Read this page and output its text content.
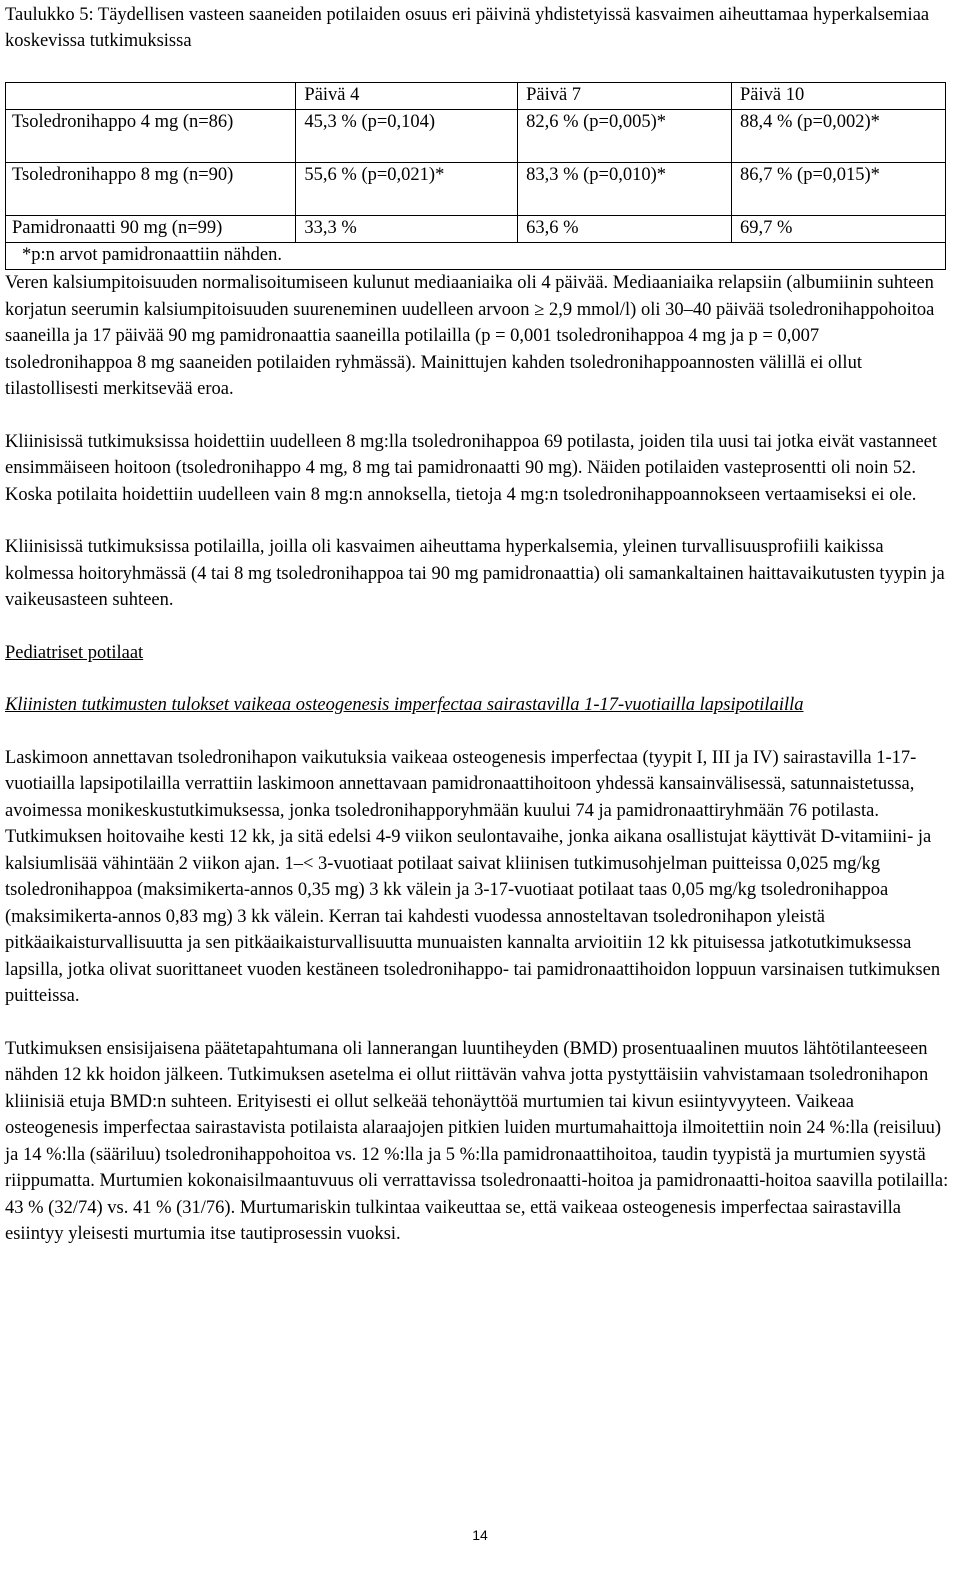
Taulukko 5: Täydellisen vasteen saaneiden potilaiden osuus eri päivinä yhdistetyissä kasvaimen aiheuttamaa hyperkalsemiaa koskevissa tutkimuksissa

	Päivä 4	Päivä 7	Päivä 10
Tsoledronihappo 4 mg (n=86)	45,3 % (p=0,104)	82,6 % (p=0,005)*	88,4 % (p=0,002)*
Tsoledronihappo 8 mg (n=90)	55,6 % (p=0,021)*	83,3 % (p=0,010)*	86,7 % (p=0,015)*
Pamidronaatti 90 mg (n=99)	33,3 %	63,6 %	69,7 %
*p:n arvot pamidronaattiin nähden.			

Veren kalsiumpitoisuuden normalisoitumiseen kulunut mediaaniaika oli 4 päivää. Mediaaniaika relapsiin (albumiinin suhteen korjatun seerumin kalsiumpitoisuuden suureneminen uudelleen arvoon ≥ 2,9 mmol/l) oli 30–40 päivää tsoledronihappohoitoa saaneilla ja 17 päivää 90 mg pamidronaattia saaneilla potilailla (p = 0,001 tsoledronihappoa 4 mg ja p = 0,007 tsoledronihappoa 8 mg saaneiden potilaiden ryhmässä). Mainittujen kahden tsoledronihappoannosten välillä ei ollut tilastollisesti merkitsevää eroa.

Kliinisissä tutkimuksissa hoidettiin uudelleen 8 mg:lla tsoledronihappoa 69 potilasta, joiden tila uusi tai jotka eivät vastanneet ensimmäiseen hoitoon (tsoledronihappo 4 mg, 8 mg tai pamidronaatti 90 mg). Näiden potilaiden vasteprosentti oli noin 52. Koska potilaita hoidettiin uudelleen vain 8 mg:n annoksella, tietoja 4 mg:n tsoledronihappoannokseen vertaamiseksi ei ole.

Kliinisissä tutkimuksissa potilailla, joilla oli kasvaimen aiheuttama hyperkalsemia, yleinen turvallisuusprofiili kaikissa kolmessa hoitoryhmässä (4 tai 8 mg tsoledronihappoa tai 90 mg pamidronaattia) oli samankaltainen haittavaikutusten tyypin ja vaikeusasteen suhteen.

Pediatriset potilaat

Kliinisten tutkimusten tulokset vaikeaa osteogenesis imperfectaa sairastavilla 1-17-vuotiailla lapsipotilailla

Laskimoon annettavan tsoledronihapon vaikutuksia vaikeaa osteogenesis imperfectaa (tyypit I, III ja IV) sairastavilla 1-17-vuotiailla lapsipotilailla verrattiin laskimoon annettavaan pamidronaattihoitoon yhdessä kansainvälisessä, satunnaistetussa, avoimessa monikeskustutkimuksessa, jonka tsoledronihapporyhmään kuului 74 ja pamidronaattiryhmään 76 potilasta. Tutkimuksen hoitovaihe kesti 12 kk, ja sitä edelsi 4-9 viikon seulontavaihe, jonka aikana osallistujat käyttivät D-vitamiini- ja kalsiumlisää vähintään 2 viikon ajan. 1–< 3-vuotiaat potilaat saivat kliinisen tutkimusohjelman puitteissa 0,025 mg/kg tsoledronihappoa (maksimikerta-annos 0,35 mg) 3 kk välein ja 3-17-vuotiaat potilaat taas 0,05 mg/kg tsoledronihappoa (maksimikerta-annos 0,83 mg) 3 kk välein. Kerran tai kahdesti vuodessa annosteltavan tsoledronihapon yleistä pitkäaikaisturvallisuutta ja sen pitkäaikaisturvallisuutta munuaisten kannalta arvioitiin 12 kk pituisessa jatkotutkimuksessa lapsilla, jotka olivat suorittaneet vuoden kestäneen tsoledronihappo- tai pamidronaattihoidon loppuun varsinaisen tutkimuksen puitteissa.

Tutkimuksen ensisijaisena päätetapahtumana oli lannerangan luuntiheyden (BMD) prosentuaalinen muutos lähtötilanteeseen nähden 12 kk hoidon jälkeen. Tutkimuksen asetelma ei ollut riittävän vahva jotta pystyttäisiin vahvistamaan tsoledronihapon kliinisiä etuja BMD:n suhteen. Erityisesti ei ollut selkeää tehonäyttöä murtumien tai kivun esiintyvyyteen. Vaikeaa osteogenesis imperfectaa sairastavista potilaista alaraajojen pitkien luiden murtumahaittoja ilmoitettiin noin 24 %:lla (reisiluu) ja 14 %:lla (sääriluu) tsoledronihappohoitoa vs. 12 %:lla ja 5 %:lla pamidronaattihoitoa, taudin tyypistä ja murtumien syystä riippumatta. Murtumien kokonaisilmaantuvuus oli verrattavissa tsoledronaatti-hoitoa ja pamidronaatti-hoitoa saavilla potilailla: 43 % (32/74) vs. 41 % (31/76). Murtumariskin tulkintaa vaikeuttaa se, että vaikeaa osteogenesis imperfectaa sairastavilla esiintyy yleisesti murtumia itse tautiprosessin vuoksi.

14
